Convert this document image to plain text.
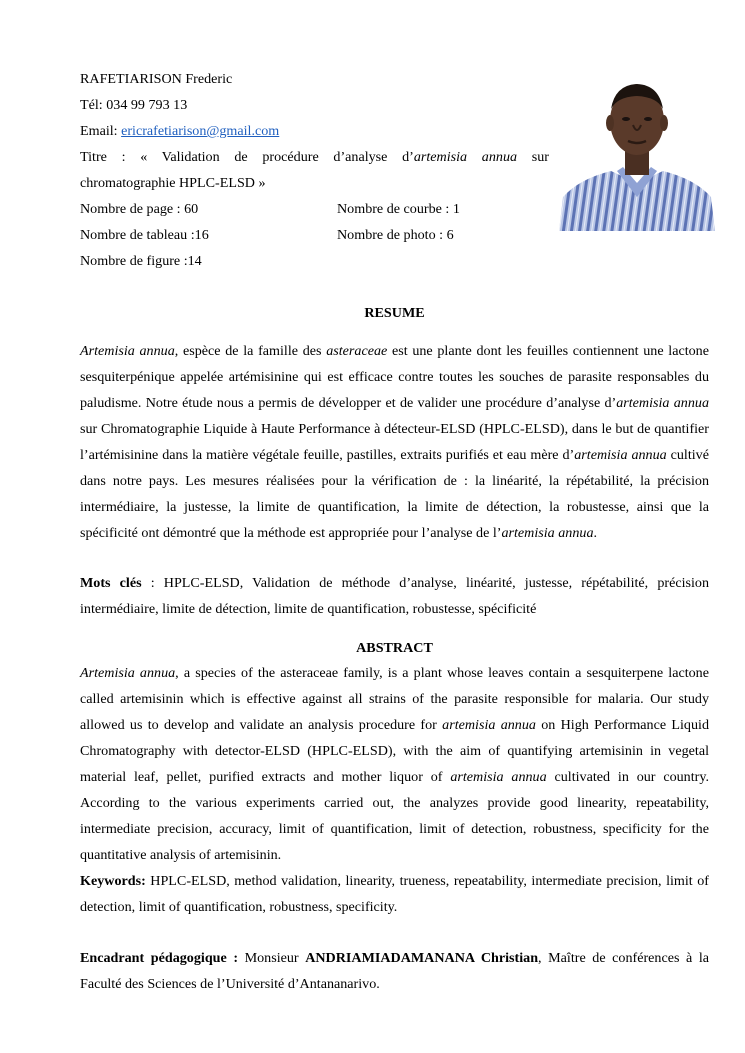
RAFETIARISON Frederic
Tél: 034 99 793 13
Email: ericrafetiarison@gmail.com
Titre : « Validation de procédure d’analyse d’artemisia annua sur
chromatographie HPLC-ELSD »
Nombre de page : 60	Nombre de courbe : 1
Nombre de tableau :16	Nombre de photo : 6
Nombre de figure :14
RESUME
Artemisia annua, espèce de la famille des asteraceae est une plante dont les feuilles contiennent une lactone sesquiterpénique appelée artémisinine qui est efficace contre toutes les souches de parasite responsables du paludisme. Notre étude nous a permis de développer et de valider une procédure d’analyse d’artemisia annua sur Chromatographie Liquide à Haute Performance à détecteur-ELSD (HPLC-ELSD), dans le but de quantifier l’artémisinine dans la matière végétale feuille, pastilles, extraits purifiés et eau mère d’artemisia annua cultivé dans notre pays. Les mesures réalisées pour la vérification de : la linéarité, la répétabilité, la précision intermédiaire, la justesse, la limite de quantification, la limite de détection, la robustesse, ainsi que la spécificité ont démontré que la méthode est appropriée pour l’analyse de l’artemisia annua.
Mots clés : HPLC-ELSD, Validation de méthode d’analyse, linéarité, justesse, répétabilité, précision intermédiaire, limite de détection, limite de quantification, robustesse, spécificité
ABSTRACT
Artemisia annua, a species of the asteraceae family, is a plant whose leaves contain a sesquiterpene lactone called artemisinin which is effective against all strains of the parasite responsible for malaria. Our study allowed us to develop and validate an analysis procedure for artemisia annua on High Performance Liquid Chromatography with detector-ELSD (HPLC-ELSD), with the aim of quantifying artemisinin in vegetal material leaf, pellet, purified extracts and mother liquor of artemisia annua cultivated in our country. According to the various experiments carried out, the analyzes provide good linearity, repeatability, intermediate precision, accuracy, limit of quantification, limit of detection, robustness, specificity for the quantitative analysis of artemisinin.
Keywords: HPLC-ELSD, method validation, linearity, trueness, repeatability, intermediate precision, limit of detection, limit of quantification, robustness, specificity.
Encadrant pédagogique : Monsieur ANDRIAMIADAMANANA Christian, Maître de conférences à la Faculté des Sciences de l’Université d’Antananarivo.
